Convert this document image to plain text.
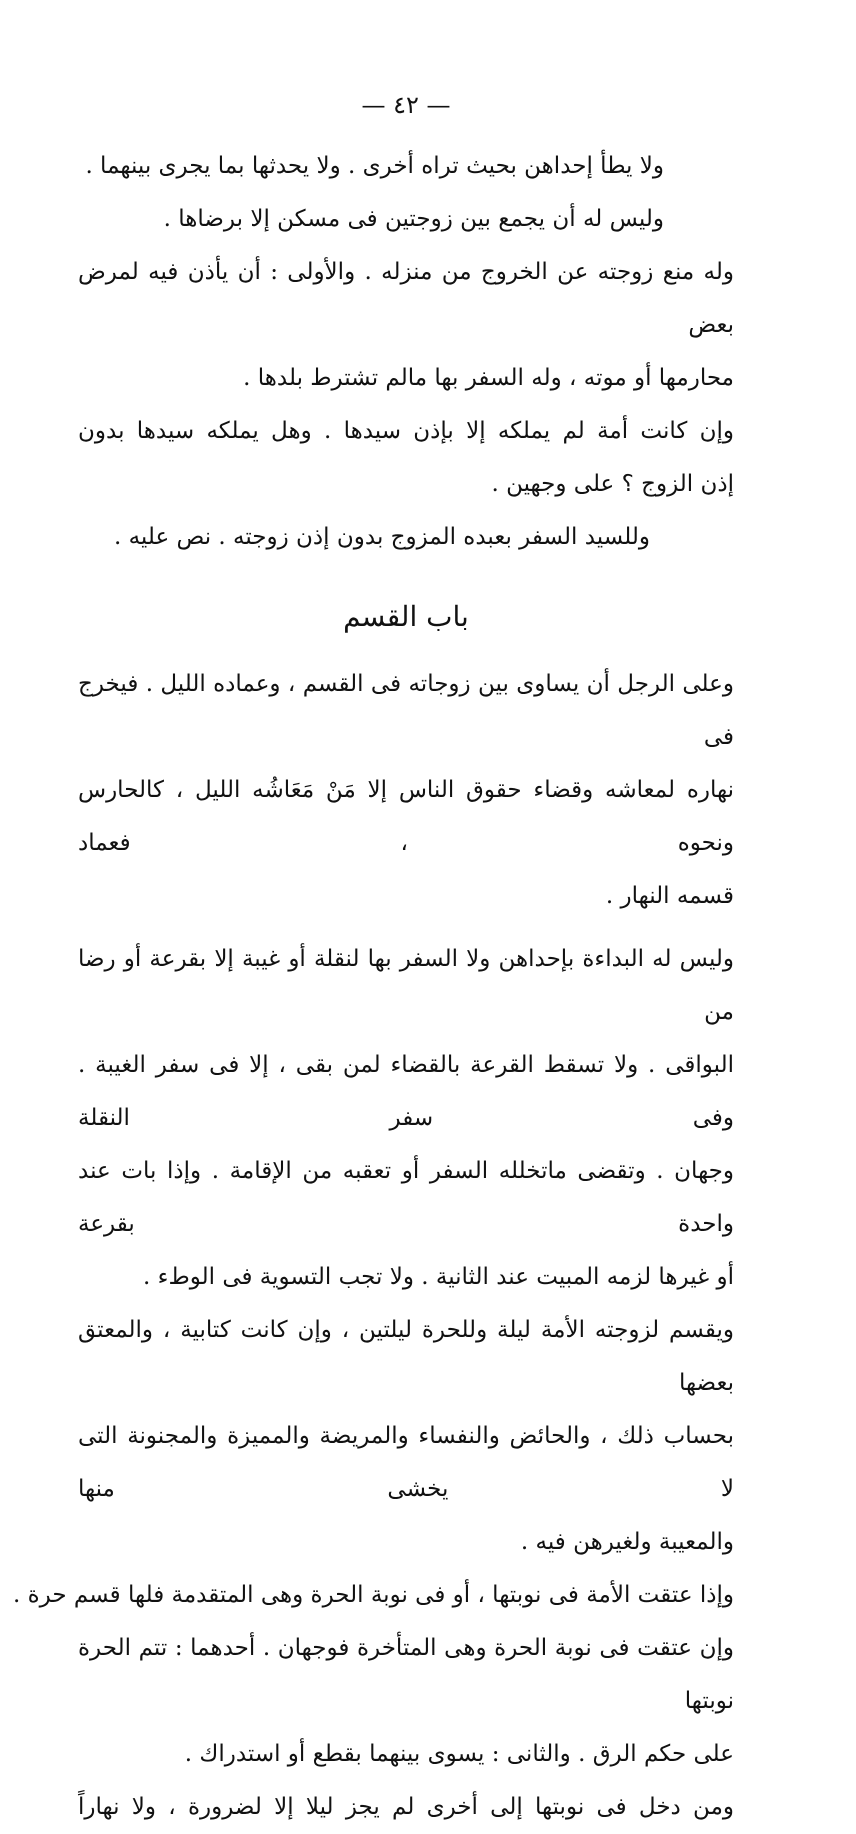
— ٤٢ —
ولا يطأ إحداهن بحيث تراه أخرى . ولا يحدثها بما يجرى بينهما .
وليس له أن يجمع بين زوجتين فى مسكن إلا برضاها .
وله منع زوجته عن الخروج من منزله . والأولى : أن يأذن فيه لمرض بعض
محارمها أو موته ، وله السفر بها مالم تشترط بلدها .
وإن كانت أمة لم يملكه إلا بإذن سيدها . وهل يملكه سيدها بدون
إذن الزوج ؟ على وجهين .
وللسيد السفر بعبده المزوج بدون إذن زوجته . نص عليه .
باب القسم
وعلى الرجل أن يساوى بين زوجاته فى القسم ، وعماده الليل . فيخرج فى
نهاره لمعاشه وقضاء حقوق الناس إلا مَنْ مَعَاشُه الليل ، كالحارس ونحوه ، فعماد
قسمه النهار .
وليس له البداءة بإحداهن ولا السفر بها لنقلة أو غيبة إلا بقرعة أو رضا من
البواقى . ولا تسقط القرعة بالقضاء لمن بقى ، إلا فى سفر الغيبة . وفى سفر النقلة
وجهان . وتقضى ماتخلله السفر أو تعقبه من الإقامة . وإذا بات عند واحدة بقرعة
أو غيرها لزمه المبيت عند الثانية . ولا تجب التسوية فى الوطء .
ويقسم لزوجته الأمة ليلة وللحرة ليلتين ، وإن كانت كتابية ، والمعتق بعضها
بحساب ذلك ، والحائض والنفساء والمريضة والمميزة والمجنونة التى لا يخشى منها
والمعيبة ولغيرهن فيه .
وإذا عتقت الأمة فى نوبتها ، أو فى نوبة الحرة وهى المتقدمة فلها قسم حرة .
وإن عتقت فى نوبة الحرة وهى المتأخرة فوجهان . أحدهما : تتم الحرة نوبتها
على حكم الرق . والثانى : يسوى بينهما بقطع أو استدراك .
ومن دخل فى نوبتها إلى أخرى لم يجز ليلا إلا لضرورة ، ولا نهاراً
